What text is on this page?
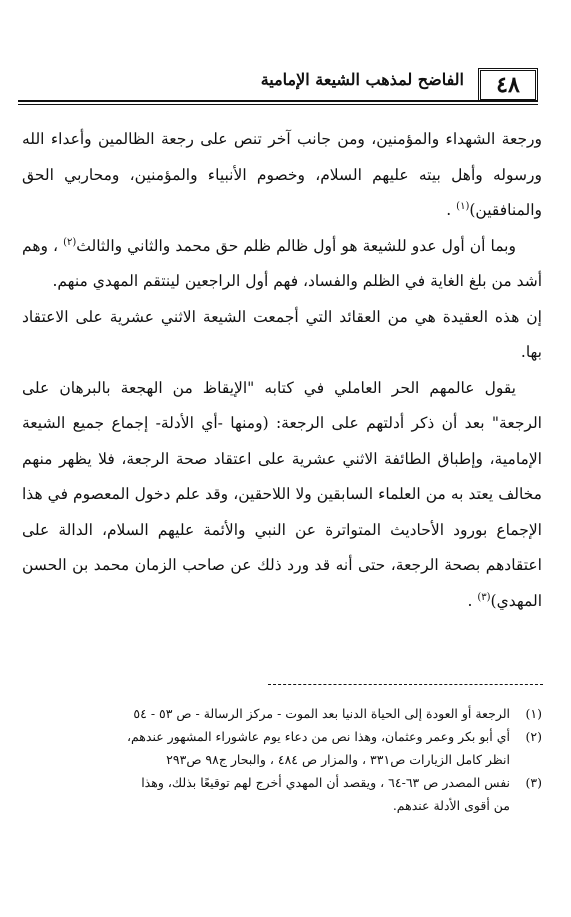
٤٨
الفاضح لمذهب الشيعة الإمامية

ورجعة الشهداء والمؤمنين، ومن جانب آخر تنص على رجعة الظالمين وأعداء الله ورسوله وأهل بيته عليهم السلام، وخصوم الأنبياء والمؤمنين، ومحاربي الحق والمنافقين)$^{(١)}$ .

وبما أن أول عدو للشيعة هو أول ظالم ظلم حق محمد والثاني والثالث$^{(٢)}$ ، وهم أشد من بلغ الغاية في الظلم والفساد، فهم أول الراجعين لينتقم المهدي منهم.

إن هذه العقيدة هي من العقائد التي أجمعت الشيعة الاثني عشرية على الاعتقاد بها.

يقول عالمهم الحر العاملي في كتابه "الإيقاظ من الهجعة بالبرهان على الرجعة" بعد أن ذكر أدلتهم على الرجعة: (ومنها -أي الأدلة- إجماع جميع الشيعة الإمامية، وإطباق الطائفة الاثني عشرية على اعتقاد صحة الرجعة، فلا يظهر منهم مخالف يعتد به من العلماء السابقين ولا اللاحقين، وقد علم دخول المعصوم في هذا الإجماع بورود الأحاديث المتواترة عن النبي والأئمة عليهم السلام، الدالة على اعتقادهم بصحة الرجعة، حتى أنه قد ورد ذلك عن صاحب الزمان محمد بن الحسن المهدي)$^{(٣)}$ .

(١)
الرجعة أو العودة إلى الحياة الدنيا بعد الموت - مركز الرسالة - ص ٥٣ - ٥٤
(٢)
أي أبو بكر وعمر وعثمان، وهذا نص من دعاء يوم عاشوراء المشهور عندهم،
انظر كامل الزيارات ص٣٣١ ، والمزار ص ٤٨٤ ، والبحار ج٩٨ ص٢٩٣
(٣)
نفس المصدر ص ٦٣-٦٤ ، ويقصد أن المهدي أخرج لهم توقيعًا بذلك، وهذا
من أقوى الأدلة عندهم.
